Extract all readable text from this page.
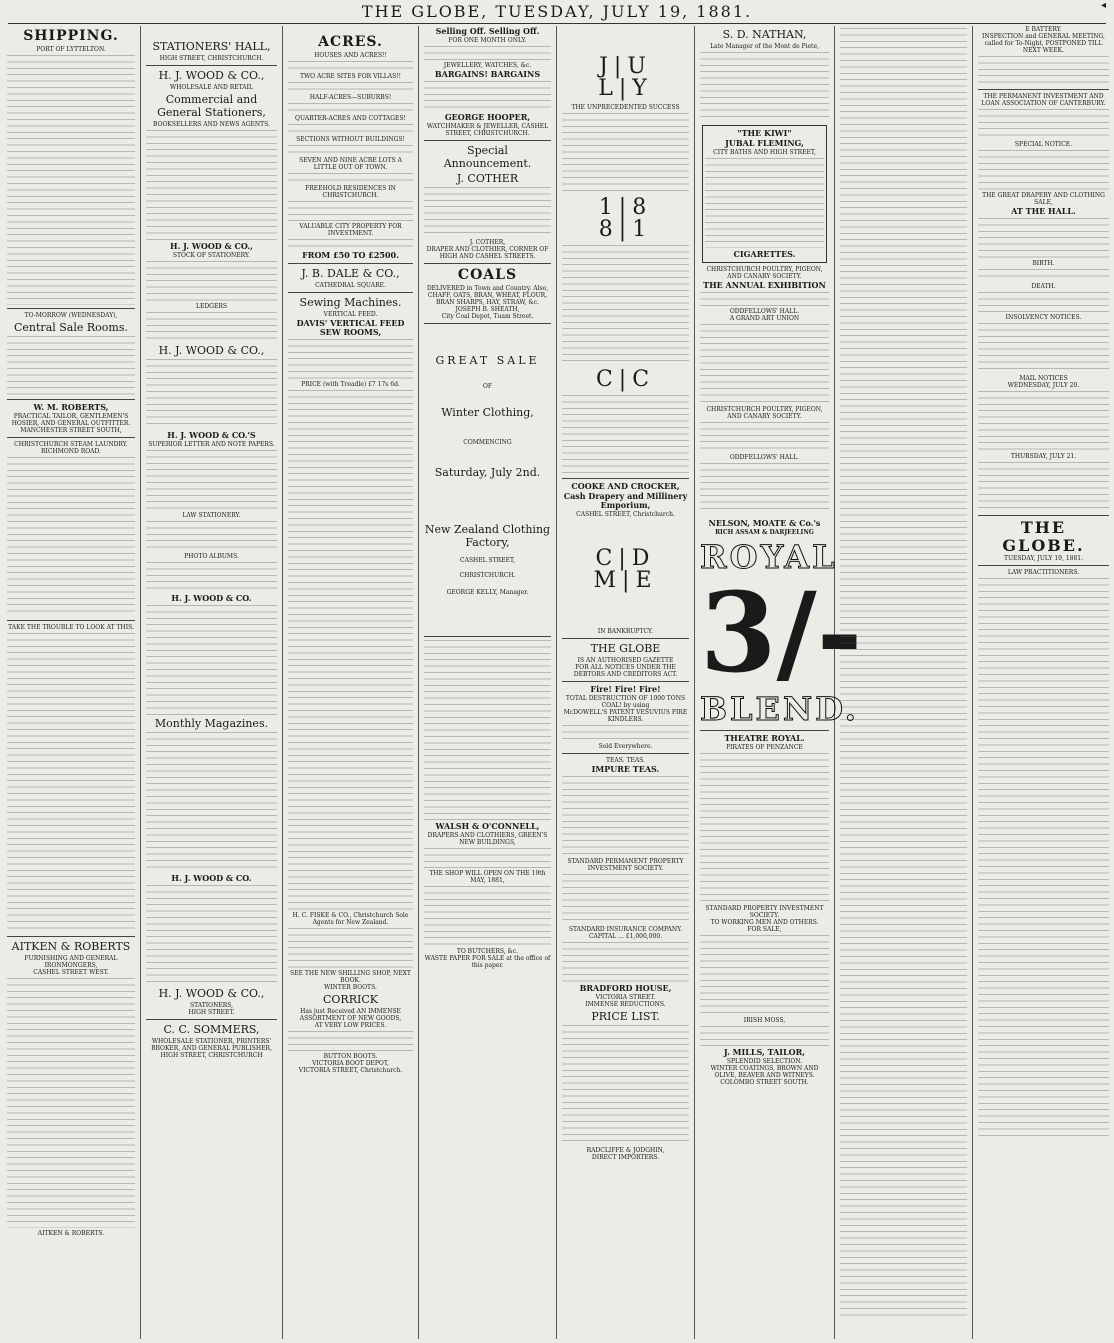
THE GLOBE, TUESDAY, JULY 19, 1881.	◂
SHIPPING.
PORT OF LYTTELTON.
TO-MORROW (WEDNESDAY),
Central Sale Rooms.
W. M. ROBERTS,
PRACTICAL TAILOR, GENTLEMEN'S HOSIER, AND GENERAL OUTFITTER.
MANCHESTER STREET SOUTH,
CHRISTCHURCH STEAM LAUNDRY.
RICHMOND ROAD.
TAKE THE TROUBLE TO LOOK AT THIS.
AITKEN & ROBERTS
FURNISHING AND GENERAL IRONMONGERS,
CASHEL STREET WEST.
AITKEN & ROBERTS.
STATIONERS' HALL,
HIGH STREET, CHRISTCHURCH.
H. J. WOOD & CO.,
WHOLESALE AND RETAIL
Commercial and General Stationers,
BOOKSELLERS AND NEWS AGENTS.
H. J. WOOD & CO.,
STOCK OF STATIONERY.
LEDGERS
H. J. WOOD & CO.,
H. J. WOOD & CO.'S
SUPERIOR LETTER AND NOTE PAPERS.
LAW STATIONERY.
PHOTO ALBUMS.
H. J. WOOD & CO.
Monthly Magazines.
H. J. WOOD & CO.
H. J. WOOD & CO.,
STATIONERS,
HIGH STREET.
C. C. SOMMERS,
WHOLESALE STATIONER, PRINTERS' BROKER, AND GENERAL PUBLISHER,
HIGH STREET, CHRISTCHURCH
ACRES.
HOUSES AND ACRES!!
TWO ACRE SITES FOR VILLAS!!
HALF-ACRES—SUBURBS!
QUARTER-ACRES AND COTTAGES!
SECTIONS WITHOUT BUILDINGS!
SEVEN AND NINE ACRE LOTS A LITTLE OUT OF TOWN.
FREEHOLD RESIDENCES IN CHRISTCHURCH.
VALUABLE CITY PROPERTY FOR INVESTMENT.
FROM £50 TO £2500.
J. B. DALE & CO.,
CATHEDRAL SQUARE.
Sewing Machines.
VERTICAL FEED.
DAVIS' VERTICAL FEED SEW ROOMS,
PRICE (with Treadle) £7 17s 6d.
H. C. FISKE & CO., Christchurch Sole Agents for New Zealand.
SEE THE NEW SHILLING SHOP, NEXT BOOK.
WINTER BOOTS.
CORRICK
Has just Received AN IMMENSE ASSORTMENT OF NEW GOODS,
AT VERY LOW PRICES.
BUTTON BOOTS.
VICTORIA BOOT DEPOT,
VICTORIA STREET, Christchurch.
Selling Off. Selling Off.
FOR ONE MONTH ONLY.
JEWELLERY, WATCHES, &c.
BARGAINS! BARGAINS
GEORGE HOOPER,
WATCHMAKER & JEWELLER, CASHEL STREET, CHRISTCHURCH.
Special Announcement.
J. COTHER
J. COTHER,
DRAPER AND CLOTHIER, CORNER OF HIGH AND CASHEL STREETS.
COALS
DELIVERED in Town and Country. Also, CHAFF, OATS, BRAN, WHEAT, FLOUR, BRAN SHARPS, HAY, STRAW, &c.
JOSEPH B. SHEATH,
City Coal Depot, Tuam Street.
GREAT SALE
OF
Winter Clothing,
COMMENCING
Saturday, July 2nd.
New Zealand Clothing Factory,
CASHEL STREET,
CHRISTCHURCH.
GEORGE KELLY, Manager.
WALSH & O'CONNELL,
DRAPERS AND CLOTHIERS, GREEN'S NEW BUILDINGS,
THE SHOP WILL OPEN ON THE 19th MAY, 1881,
TO BUTCHERS, &c.
WASTE PAPER FOR SALE at the office of this paper.
J|U
L|Y
THE UNPRECEDENTED SUCCESS
1|8
8|1
C|C
COOKE AND CROCKER,
Cash Drapery and Millinery Emporium,
CASHEL STREET, Christchurch.
C|D
M|E
IN BANKRUPTCY.
THE GLOBE
IS AN AUTHORISED GAZETTE
FOR ALL NOTICES UNDER THE DEBTORS AND CREDITORS ACT.
Fire! Fire! Fire!
TOTAL DESTRUCTION OF 1000 TONS COAL! by using
McDOWELL'S PATENT VESUVIUS FIRE KINDLERS.
Sold Everywhere.
TEAS. TEAS.
IMPURE TEAS.
STANDARD PERMANENT PROPERTY INVESTMENT SOCIETY.
STANDARD INSURANCE COMPANY.
CAPITAL ... £1,000,000.
BRADFORD HOUSE,
VICTORIA STREET.
IMMENSE REDUCTIONS.
PRICE LIST.
RADCLIFFE & JODGHIN,
DIRECT IMPORTERS.
S. D. NATHAN,
Late Manager of the Mont de Piete,
"THE KIWI"
JUBAL FLEMING,
CITY BATHS AND HIGH STREET,
CIGARETTES.
CHRISTCHURCH POULTRY, PIGEON, AND CANARY SOCIETY.
THE ANNUAL EXHIBITION
ODDFELLOWS' HALL.
A GRAND ART UNION
CHRISTCHURCH POULTRY, PIGEON, AND CANARY SOCIETY.
ODDFELLOWS' HALL.
NELSON, MOATE & Co.'s
RICH ASSAM & DARJEELING
ROYAL
3/-
BLEND.
THEATRE ROYAL.
PIRATES OF PENZANCE
STANDARD PROPERTY INVESTMENT SOCIETY.
TO WORKING MEN AND OTHERS.
FOR SALE,
IRISH MOSS,
J. MILLS, TAILOR,
SPLENDID SELECTION.
WINTER COATINGS, BROWN AND OLIVE, BEAVER AND WITNEYS.
COLOMBO STREET SOUTH.
E BATTERY.
INSPECTION and GENERAL MEETING, called for To-Night, POSTPONED TILL NEXT WEEK.
THE PERMANENT INVESTMENT AND LOAN ASSOCIATION OF CANTERBURY.
SPECIAL NOTICE.
THE GREAT DRAPERY AND CLOTHING SALE,
AT THE HALL.
BIRTH.
DEATH.
INSOLVENCY NOTICES.
MAIL NOTICES
WEDNESDAY, JULY 20.
THURSDAY, JULY 21.
THE GLOBE.
TUESDAY, JULY 19, 1881.
LAW PRACTITIONERS.
